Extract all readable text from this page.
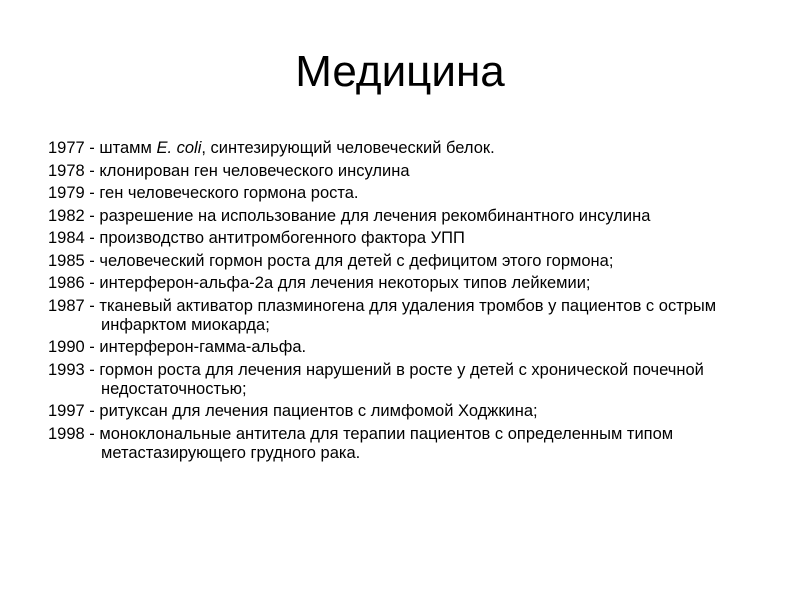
Медицина
1977 - штамм E. coli, синтезирующий человеческий белок.
1978 - клонирован ген человеческого инсулина
1979 - ген человеческого гормона роста.
1982 - разрешение на использование для лечения рекомбинантного инсулина
1984 - производство антитромбогенного фактора УПП
1985 - человеческий гормон роста для детей с дефицитом этого гормона;
1986 - интерферон-альфа-2а для лечения некоторых типов лейкемии;
1987 - тканевый активатор плазминогена для удаления тромбов у пациентов с острым инфарктом миокарда;
1990 - интерферон-гамма-альфа.
1993 - гормон роста для лечения нарушений в росте у детей с хронической почечной недостаточностью;
1997 - ритуксан для лечения пациентов с лимфомой Ходжкина;
1998 - моноклональные антитела для терапии пациентов с определенным типом метастазирующего грудного рака.
